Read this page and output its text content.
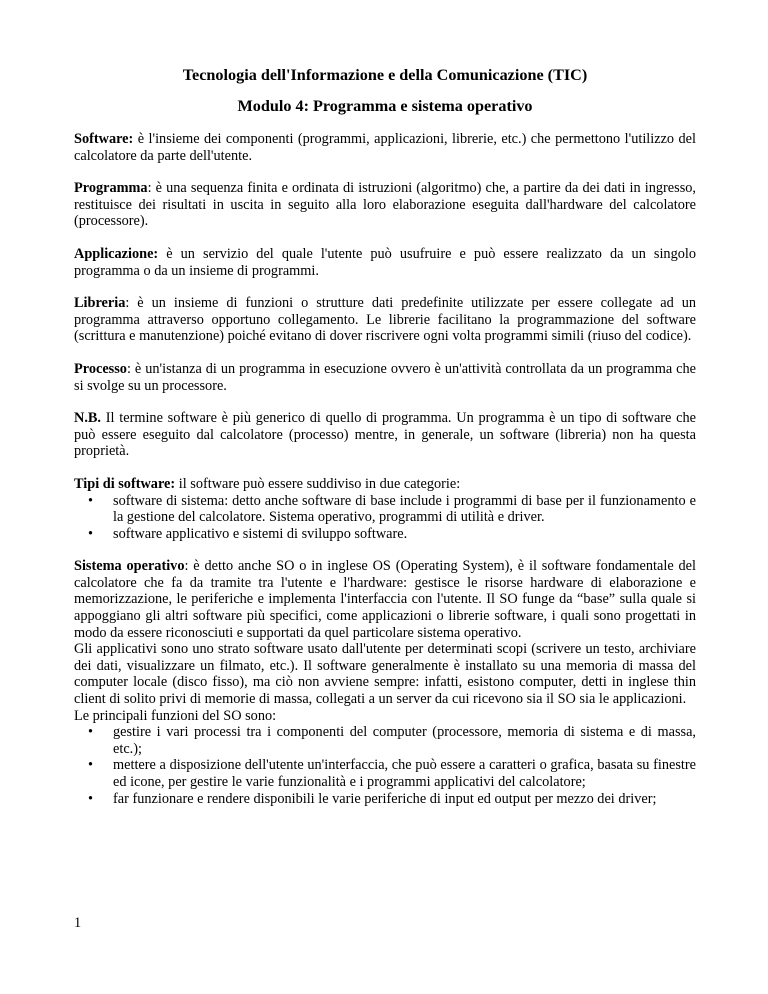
Tecnologia dell'Informazione e della Comunicazione (TIC)
Modulo 4: Programma e sistema operativo

Software: è l'insieme dei componenti (programmi, applicazioni, librerie, etc.) che permettono l'utilizzo del calcolatore da parte dell'utente.

Programma: è una sequenza finita e ordinata di istruzioni (algoritmo) che, a partire da dei dati in ingresso, restituisce dei risultati in uscita in seguito alla loro elaborazione eseguita dall'hardware del calcolatore (processore).

Applicazione: è un servizio del quale l'utente può usufruire e può essere realizzato da un singolo programma o da un insieme di programmi.

Libreria: è un insieme di funzioni o strutture dati predefinite utilizzate per essere collegate ad un programma attraverso opportuno collegamento. Le librerie facilitano la programmazione del software (scrittura e manutenzione) poiché evitano di dover riscrivere ogni volta programmi simili (riuso del codice).

Processo: è un'istanza di un programma in esecuzione ovvero è un'attività controllata da un programma che si svolge su un processore.

N.B. Il termine software è più generico di quello di programma. Un programma è un tipo di software che può essere eseguito dal calcolatore (processo) mentre, in generale, un software (libreria) non ha questa proprietà.

Tipi di software: il software può essere suddiviso in due categorie:

• software di sistema: detto anche software di base include i programmi di base per il funzionamento e la gestione del calcolatore. Sistema operativo, programmi di utilità e driver.
• software applicativo e sistemi di sviluppo software.

Sistema operativo: è detto anche SO o in inglese OS (Operating System), è il software fondamentale del calcolatore che fa da tramite tra l'utente e l'hardware: gestisce le risorse hardware di elaborazione e memorizzazione, le periferiche e implementa l'interfaccia con l'utente. Il SO funge da “base” sulla quale si appoggiano gli altri software più specifici, come applicazioni o librerie software, i quali sono progettati in modo da essere riconosciuti e supportati da quel particolare sistema operativo.

Gli applicativi sono uno strato software usato dall'utente per determinati scopi (scrivere un testo, archiviare dei dati, visualizzare un filmato, etc.). Il software generalmente è installato su una memoria di massa del computer locale (disco fisso), ma ciò non avviene sempre: infatti, esistono computer, detti in inglese thin client di solito privi di memorie di massa, collegati a un server da cui ricevono sia il SO sia le applicazioni.

Le principali funzioni del SO sono:

• gestire i vari processi tra i componenti del computer (processore, memoria di sistema e di massa, etc.);
• mettere a disposizione dell'utente un'interfaccia, che può essere a caratteri o grafica, basata su finestre ed icone, per gestire le varie funzionalità e i programmi applicativi del calcolatore;
• far funzionare e rendere disponibili le varie periferiche di input ed output per mezzo dei driver;
1
